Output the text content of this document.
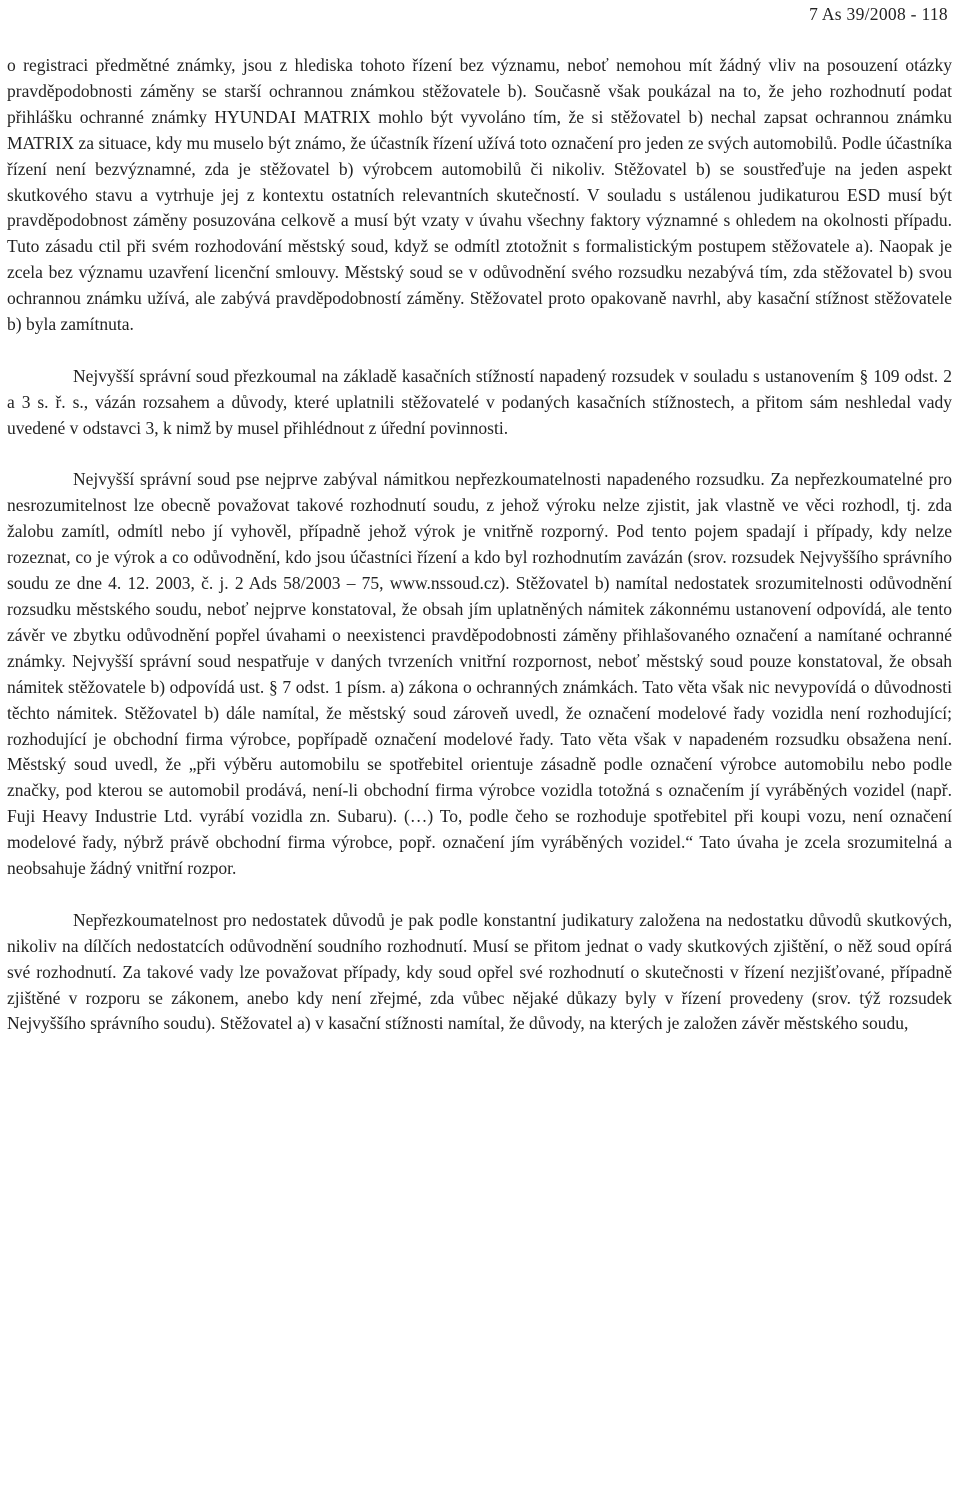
7 As 39/2008 - 118

o registraci předmětné známky, jsou z hlediska tohoto řízení bez významu, neboť nemohou mít žádný vliv na posouzení otázky pravděpodobnosti záměny se starší ochrannou známkou stěžovatele b). Současně však poukázal na to, že jeho rozhodnutí podat přihlášku ochranné známky HYUNDAI MATRIX mohlo být vyvoláno tím, že si stěžovatel b) nechal zapsat ochrannou známku MATRIX za situace, kdy mu muselo být známo, že účastník řízení užívá toto označení pro jeden ze svých automobilů. Podle účastníka řízení není bezvýznamné, zda je stěžovatel b) výrobcem automobilů či nikoliv. Stěžovatel b) se soustřeďuje na jeden aspekt skutkového stavu a vytrhuje jej z kontextu ostatních relevantních skutečností. V souladu s ustálenou judikaturou ESD musí být pravděpodobnost záměny posuzována celkově a musí být vzaty v úvahu všechny faktory významné s ohledem na okolnosti případu. Tuto zásadu ctil při svém rozhodování městský soud, když se odmítl ztotožnit s formalistickým postupem stěžovatele a). Naopak je zcela bez významu uzavření licenční smlouvy. Městský soud se v odůvodnění svého rozsudku nezabývá tím, zda stěžovatel b) svou ochrannou známku užívá, ale zabývá pravděpodobností záměny. Stěžovatel proto opakovaně navrhl, aby kasační stížnost stěžovatele b) byla zamítnuta.

Nejvyšší správní soud přezkoumal na základě kasačních stížností napadený rozsudek v souladu s ustanovením § 109 odst. 2 a 3 s. ř. s., vázán rozsahem a důvody, které uplatnili stěžovatelé v podaných kasačních stížnostech, a přitom sám neshledal vady uvedené v odstavci 3, k nimž by musel přihlédnout z úřední povinnosti.

Nejvyšší správní soud pse nejprve zabýval námitkou nepřezkoumatelnosti napadeného rozsudku. Za nepřezkoumatelné pro nesrozumitelnost lze obecně považovat takové rozhodnutí soudu, z jehož výroku nelze zjistit, jak vlastně ve věci rozhodl, tj. zda žalobu zamítl, odmítl nebo jí vyhověl, případně jehož výrok je vnitřně rozporný. Pod tento pojem spadají i případy, kdy nelze rozeznat, co je výrok a co odůvodnění, kdo jsou účastníci řízení a kdo byl rozhodnutím zavázán (srov. rozsudek Nejvyššího správního soudu ze dne 4. 12. 2003, č. j. 2 Ads 58/2003 – 75, www.nssoud.cz). Stěžovatel b) namítal nedostatek srozumitelnosti odůvodnění rozsudku městského soudu, neboť nejprve konstatoval, že obsah jím uplatněných námitek zákonnému ustanovení odpovídá, ale tento závěr ve zbytku odůvodnění popřel úvahami o neexistenci pravděpodobnosti záměny přihlašovaného označení a namítané ochranné známky. Nejvyšší správní soud nespatřuje v daných tvrzeních vnitřní rozpornost, neboť městský soud pouze konstatoval, že obsah námitek stěžovatele b) odpovídá ust. § 7 odst. 1 písm. a) zákona o ochranných známkách. Tato věta však nic nevypovídá o důvodnosti těchto námitek. Stěžovatel b) dále namítal, že městský soud zároveň uvedl, že označení modelové řady vozidla není rozhodující; rozhodující je obchodní firma výrobce, popřípadě označení modelové řady. Tato věta však v napadeném rozsudku obsažena není. Městský soud uvedl, že „při výběru automobilu se spotřebitel orientuje zásadně podle označení výrobce automobilu nebo podle značky, pod kterou se automobil prodává, není-li obchodní firma výrobce vozidla totožná s označením jí vyráběných vozidel (např. Fuji Heavy Industrie Ltd. vyrábí vozidla zn. Subaru). (…) To, podle čeho se rozhoduje spotřebitel při koupi vozu, není označení modelové řady, nýbrž právě obchodní firma výrobce, popř. označení jím vyráběných vozidel.“ Tato úvaha je zcela srozumitelná a neobsahuje žádný vnitřní rozpor.

Nepřezkoumatelnost pro nedostatek důvodů je pak podle konstantní judikatury založena na nedostatku důvodů skutkových, nikoliv na dílčích nedostatcích odůvodnění soudního rozhodnutí. Musí se přitom jednat o vady skutkových zjištění, o něž soud opírá své rozhodnutí. Za takové vady lze považovat případy, kdy soud opřel své rozhodnutí o skutečnosti v řízení nezjišťované, případně zjištěné v rozporu se zákonem, anebo kdy není zřejmé, zda vůbec nějaké důkazy byly v řízení provedeny (srov. týž rozsudek Nejvyššího správního soudu). Stěžovatel a) v kasační stížnosti namítal, že důvody, na kterých je založen závěr městského soudu,
